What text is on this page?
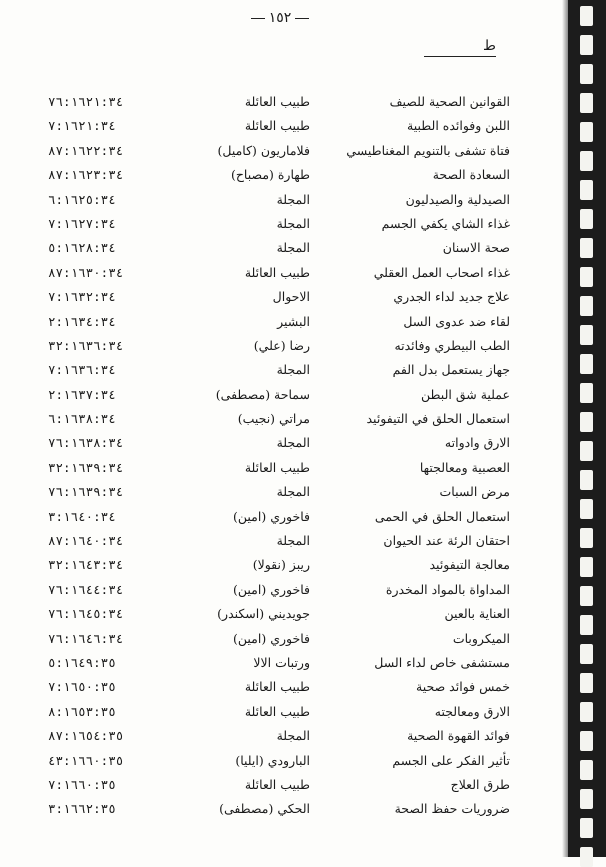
١٥٢
ط
القوانين الصحية للصيف
طبيب العائلة
٧٦:١٦٢١:٣٤
اللبن وفوائده الطبية
طبيب العائلة
٧:١٦٢١:٣٤
فتاة تشفى بالتنويم المغناطيسي
فلاماريون (كاميل)
٨٧:١٦٢٢:٣٤
السعادة الصحة
طهارة (مصباح)
٨٧:١٦٢٣:٣٤
الصيدلية والصيدليون
المجلة
٦:١٦٢٥:٣٤
غذاء الشاي يكفي الجسم
المجلة
٧:١٦٢٧:٣٤
صحة الاسنان
المجلة
٥:١٦٢٨:٣٤
غذاء اصحاب العمل العقلي
طبيب العائلة
٨٧:١٦٣٠:٣٤
علاج جديد لداء الجدري
الاحوال
٧:١٦٣٢:٣٤
لقاء ضد عدوى السل
البشير
٢:١٦٣٤:٣٤
الطب البيطري وفائدته
رضا (علي)
٣٢:١٦٣٦:٣٤
جهاز يستعمل بدل الفم
المجلة
٧:١٦٣٦:٣٤
عملية شق البطن
سماحة (مصطفى)
٢:١٦٣٧:٣٤
استعمال الحلق في التيفوئيد
مراتي (نجيب)
٦:١٦٣٨:٣٤
الارق وادواته
المجلة
٧٦:١٦٣٨:٣٤
العصبية ومعالجتها
طبيب العائلة
٣٢:١٦٣٩:٣٤
مرض السبات
المجلة
٧٦:١٦٣٩:٣٤
استعمال الحلق في الحمى
فاخوري (امين)
٣:١٦٤٠:٣٤
احتقان الرئة عند الحيوان
المجلة
٨٧:١٦٤٠:٣٤
معالجة التيفوئيد
ريبز (نقولا)
٣٢:١٦٤٣:٣٤
المداواة بالمواد المخدرة
فاخوري (امين)
٧٦:١٦٤٤:٣٤
العناية بالعين
جويديني (اسكندر)
٧٦:١٦٤٥:٣٤
الميكروبات
فاخوري (امين)
٧٦:١٦٤٦:٣٤
مستشفى خاص لداء السل
ورتبات الالا
٥:١٦٤٩:٣٥
خمس فوائد صحية
طبيب العائلة
٧:١٦٥٠:٣٥
الارق ومعالجته
طبيب العائلة
٨:١٦٥٣:٣٥
فوائد القهوة الصحية
المجلة
٨٧:١٦٥٤:٣٥
تأثير الفكر على الجسم
البارودي (ايليا)
٤٣:١٦٦٠:٣٥
طرق العلاج
طبيب العائلة
٧:١٦٦٠:٣٥
ضروريات حفظ الصحة
الحكي (مصطفى)
٣:١٦٦٢:٣٥
